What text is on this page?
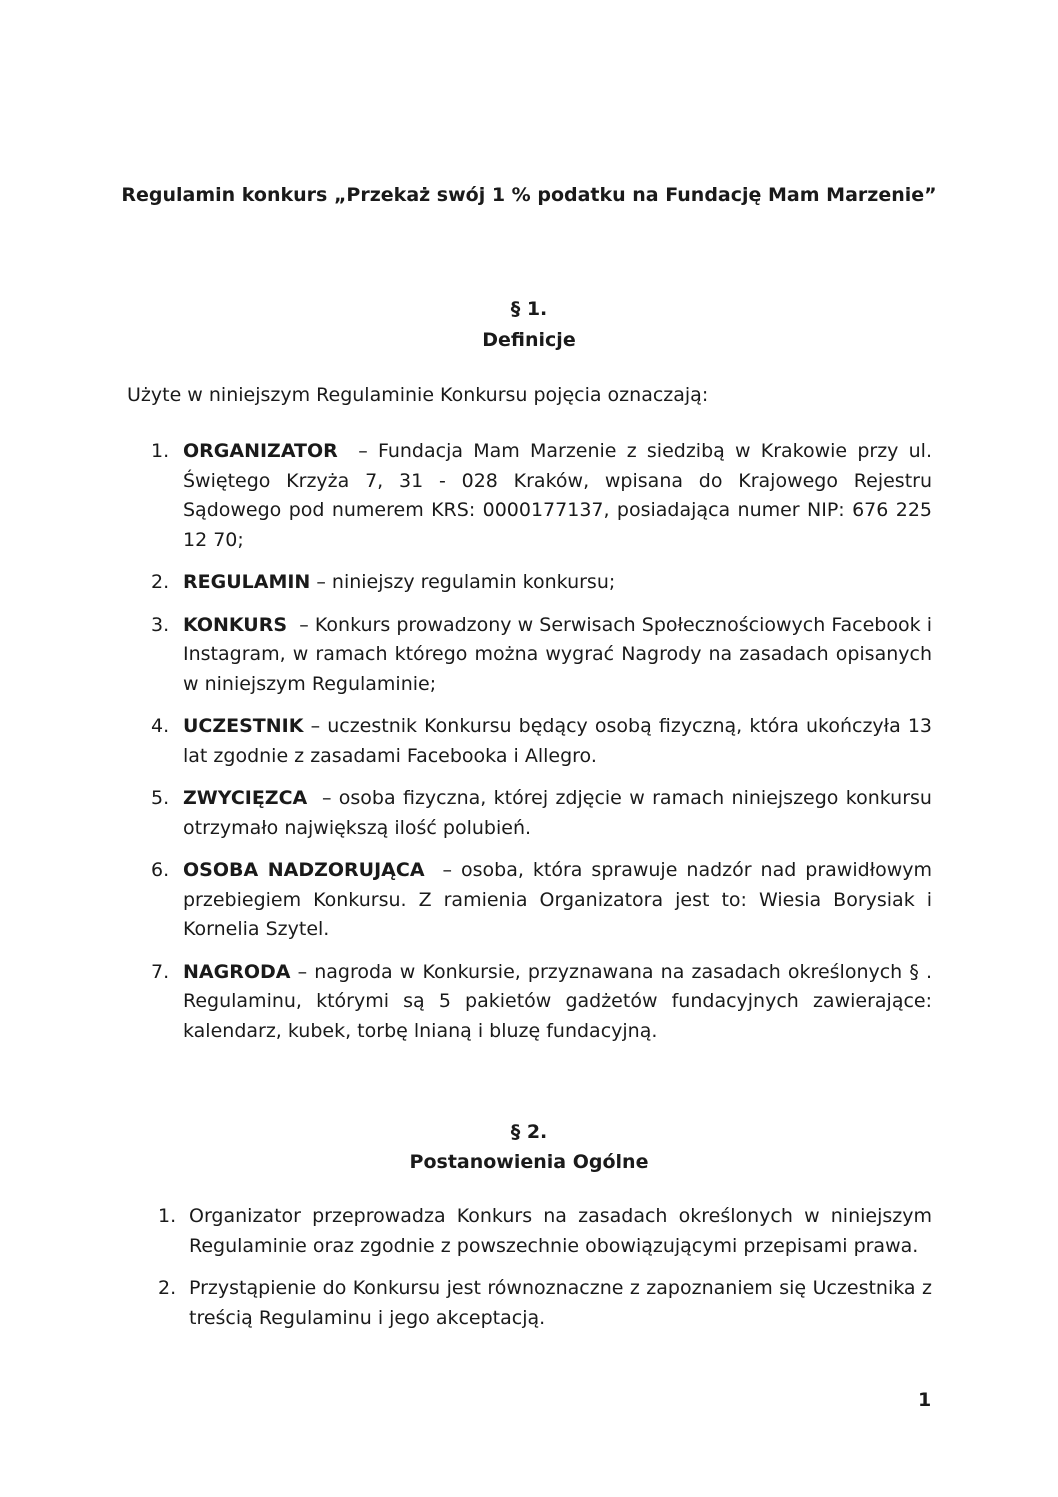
Regulamin konkurs „Przekaż swój 1 % podatku na Fundację Mam Marzenie”
§ 1.
Definicje
Użyte w niniejszym Regulaminie Konkursu pojęcia oznaczają:
1. ORGANIZATOR – Fundacja Mam Marzenie z siedzibą w Krakowie przy ul. Świętego Krzyża 7, 31 - 028 Kraków, wpisana do Krajowego Rejestru Sądowego pod numerem KRS: 0000177137, posiadająca numer NIP: 676 225 12 70;
2. REGULAMIN – niniejszy regulamin konkursu;
3. KONKURS – Konkurs prowadzony w Serwisach Społecznościowych Facebook i Instagram, w ramach którego można wygrać Nagrody na zasadach opisanych w niniejszym Regulaminie;
4. UCZESTNIK – uczestnik Konkursu będący osobą fizyczną, która ukończyła 13 lat zgodnie z zasadami Facebooka i Allegro.
5. ZWYCIĘZCA – osoba fizyczna, której zdjęcie w ramach niniejszego konkursu otrzymało największą ilość polubień.
6. OSOBA NADZORUJĄCA – osoba, która sprawuje nadzór nad prawidłowym przebiegiem Konkursu. Z ramienia Organizatora jest to: Wiesia Borysiak i Kornelia Szytel.
7. NAGRODA – nagroda w Konkursie, przyznawana na zasadach określonych § . Regulaminu, którymi są 5 pakietów gadżetów fundacyjnych zawierające: kalendarz, kubek, torbę lnianą i bluzę fundacyjną.
§ 2.
Postanowienia Ogólne
1. Organizator przeprowadza Konkurs na zasadach określonych w niniejszym Regulaminie oraz zgodnie z powszechnie obowiązującymi przepisami prawa.
2. Przystąpienie do Konkursu jest równoznaczne z zapoznaniem się Uczestnika z treścią Regulaminu i jego akceptacją.
1
